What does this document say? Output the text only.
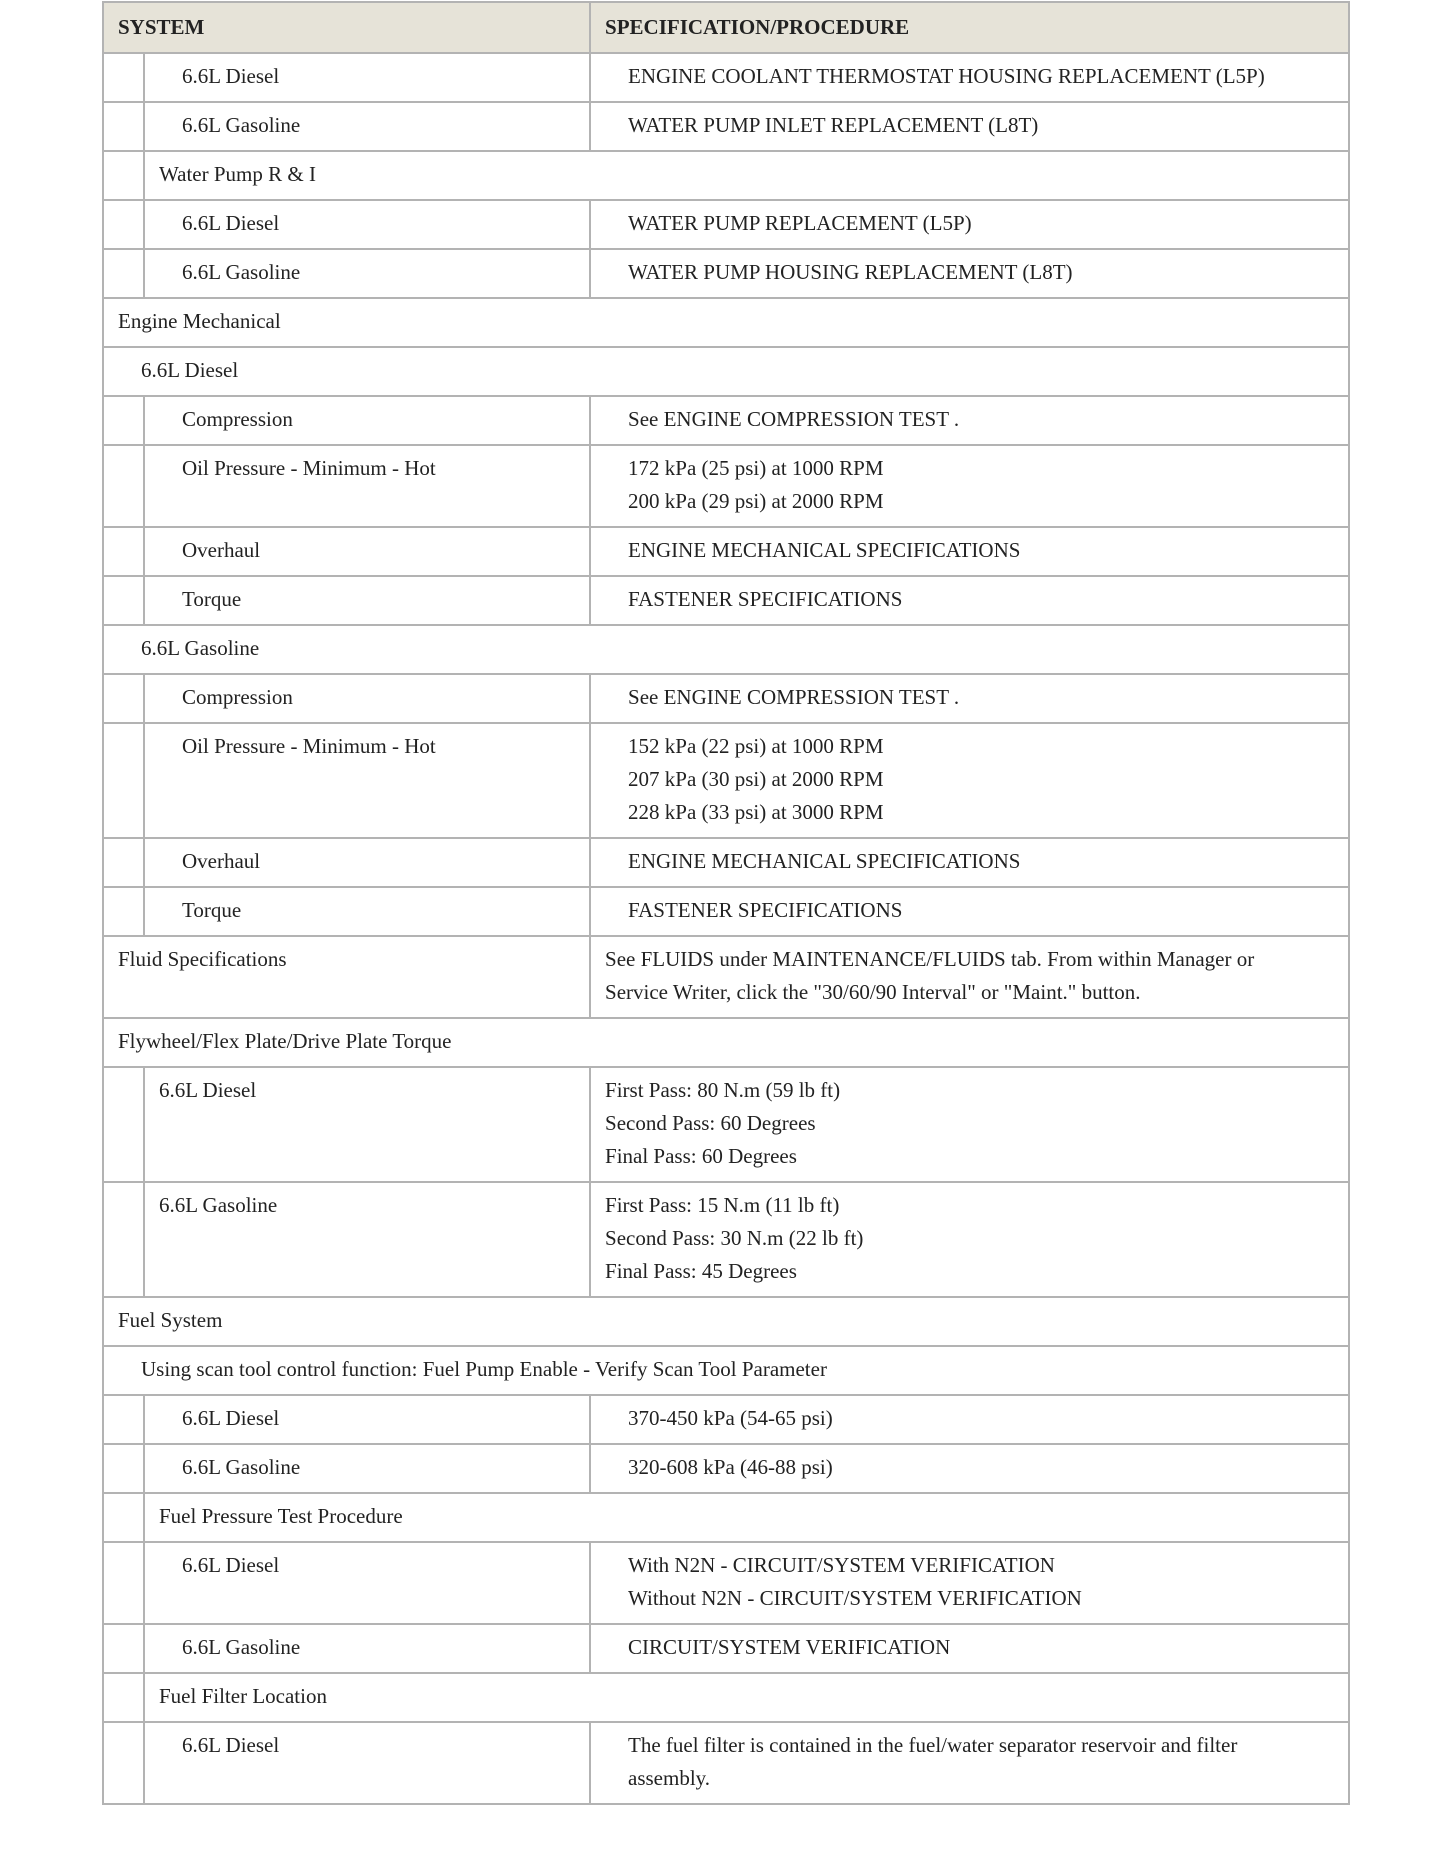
SYSTEM		SPECIFICATION/PROCEDURE

	6.6L Diesel	ENGINE COOLANT THERMOSTAT HOUSING REPLACEMENT (L5P)

	6.6L Gasoline	WATER PUMP INLET REPLACEMENT (L8T)

	Water Pump R & I	

	6.6L Diesel	WATER PUMP REPLACEMENT (L5P)

	6.6L Gasoline	WATER PUMP HOUSING REPLACEMENT (L8T)

Engine Mechanical		

6.6L Diesel		

	Compression	See ENGINE COMPRESSION TEST .

	Oil Pressure - Minimum - Hot	172 kPa (25 psi) at 1000 RPM
200 kPa (29 psi) at 2000 RPM

	Overhaul	ENGINE MECHANICAL SPECIFICATIONS

	Torque	FASTENER SPECIFICATIONS

6.6L Gasoline		

	Compression	See ENGINE COMPRESSION TEST .

	Oil Pressure - Minimum - Hot	152 kPa (22 psi) at 1000 RPM
207 kPa (30 psi) at 2000 RPM
228 kPa (33 psi) at 3000 RPM

	Overhaul	ENGINE MECHANICAL SPECIFICATIONS

	Torque	FASTENER SPECIFICATIONS

Fluid Specifications		See FLUIDS under MAINTENANCE/FLUIDS tab. From within Manager or
Service Writer, click the "30/60/90 Interval" or "Maint." button.

Flywheel/Flex Plate/Drive Plate Torque		

	6.6L Diesel	First Pass: 80 N.m (59 lb ft)
Second Pass: 60 Degrees
Final Pass: 60 Degrees

	6.6L Gasoline	First Pass: 15 N.m (11 lb ft)
Second Pass: 30 N.m (22 lb ft)
Final Pass: 45 Degrees

Fuel System		

Using scan tool control function: Fuel Pump Enable - Verify Scan Tool Parameter		

	6.6L Diesel	370-450 kPa (54-65 psi)

	6.6L Gasoline	320-608 kPa (46-88 psi)

	Fuel Pressure Test Procedure	

	6.6L Diesel	With N2N - CIRCUIT/SYSTEM VERIFICATION
Without N2N - CIRCUIT/SYSTEM VERIFICATION

	6.6L Gasoline	CIRCUIT/SYSTEM VERIFICATION

	Fuel Filter Location	

	6.6L Diesel	The fuel filter is contained in the fuel/water separator reservoir and filter
assembly.
